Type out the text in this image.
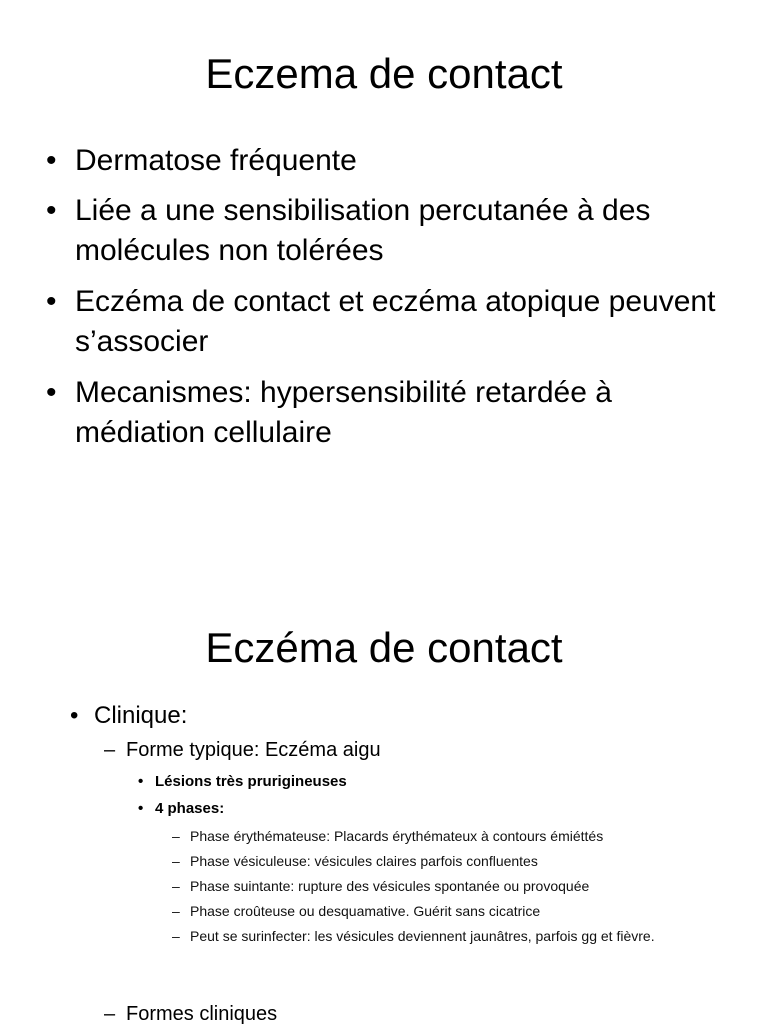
Eczema de contact
• Dermatose fréquente
• Liée a une sensibilisation percutanée à des molécules non tolérées
• Eczéma de contact et eczéma atopique peuvent s’associer
• Mecanismes: hypersensibilité retardée à médiation cellulaire
Eczéma de contact
• Clinique:
– Forme typique: Eczéma aigu
• Lésions très prurigineuses
• 4 phases:
– Phase érythémateuse: Placards érythémateux à contours émiéttés
– Phase vésiculeuse: vésicules claires parfois confluentes
– Phase suintante: rupture des vésicules spontanée ou provoquée
– Phase croûteuse ou desquamative. Guérit sans cicatrice
– Peut se surinfecter: les vésicules deviennent jaunâtres, parfois gg et fièvre.
– Formes cliniques
